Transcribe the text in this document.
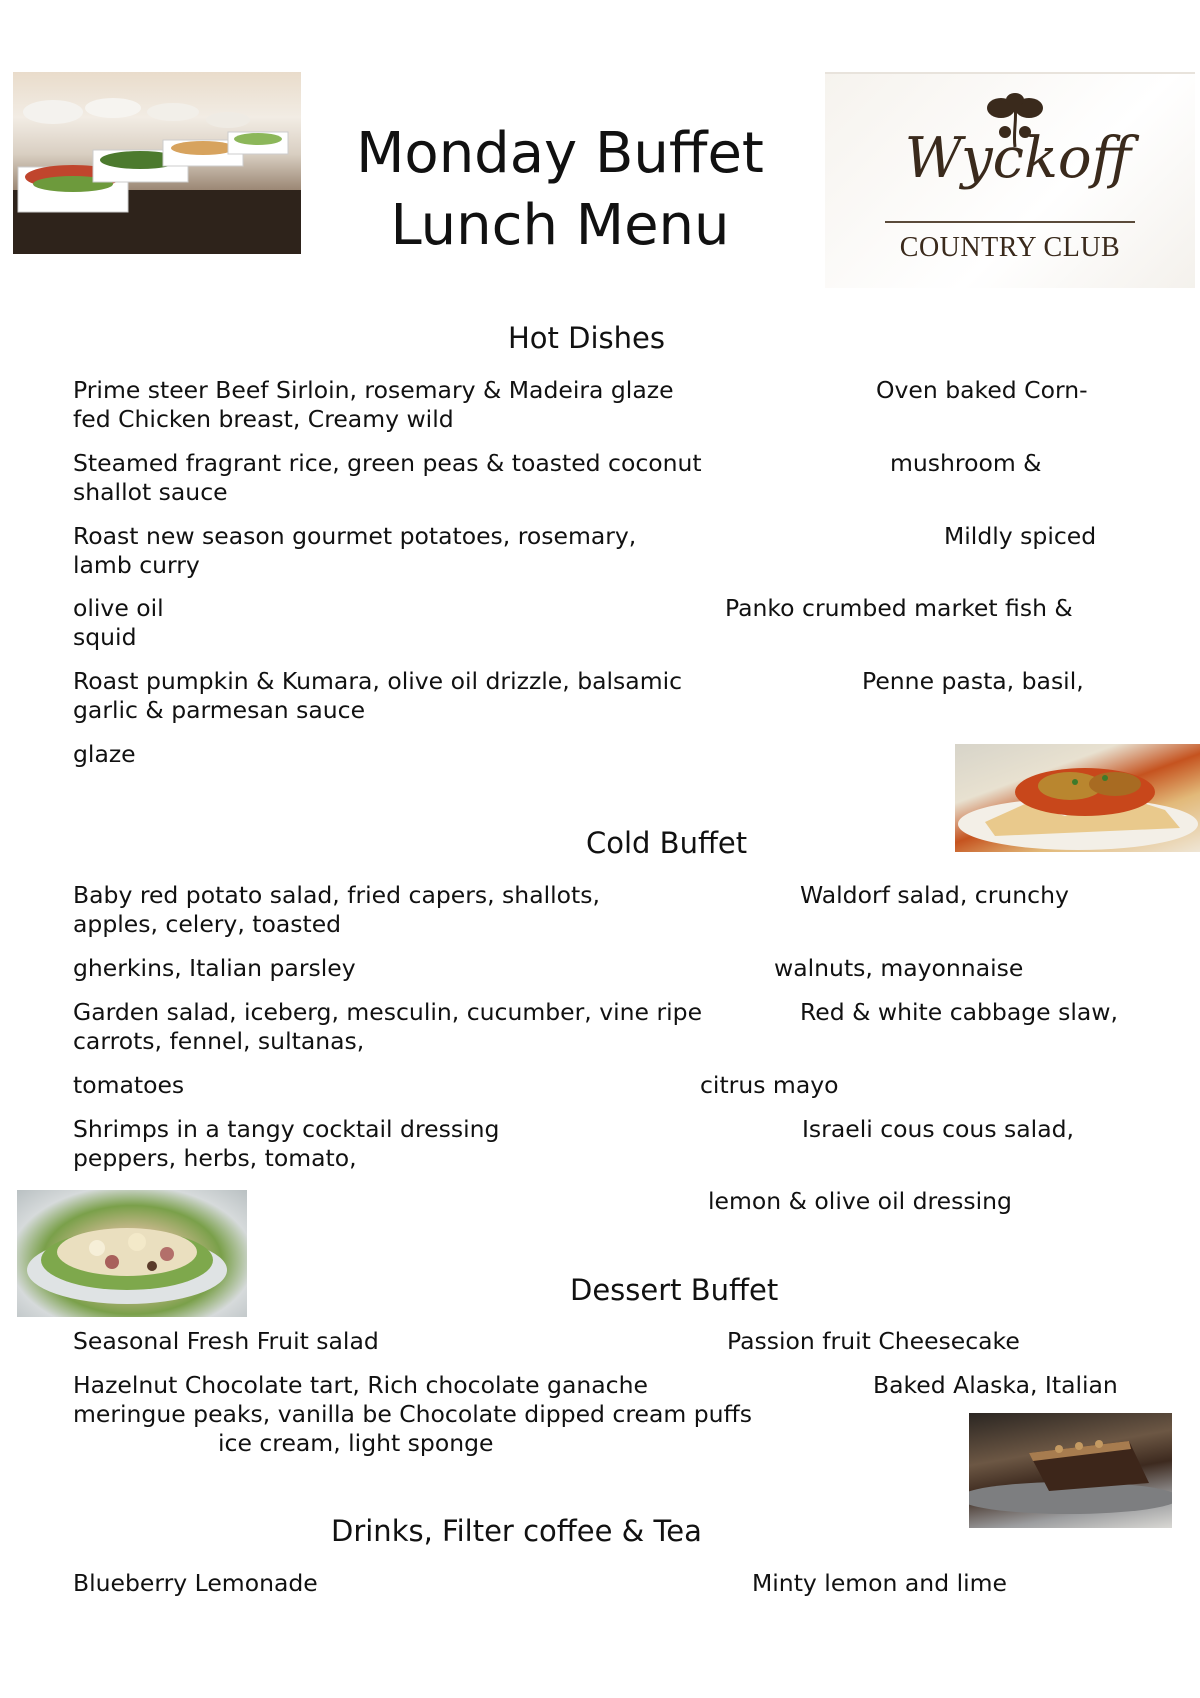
Monday Buffet
Lunch Menu
Wyckoff
COUNTRY CLUB
Hot Dishes
Prime steer Beef Sirloin, rosemary & Madeira glaze	Oven baked Corn-
fed Chicken breast, Creamy wild
Steamed fragrant rice, green peas & toasted coconut	mushroom &
shallot sauce
Roast new season gourmet potatoes, rosemary,	Mildly spiced
lamb curry
olive oil	Panko crumbed market fish &
squid
Roast pumpkin & Kumara, olive oil drizzle, balsamic	Penne pasta, basil,
garlic & parmesan sauce
glaze
Cold Buffet
Baby red potato salad, fried capers, shallots,	Waldorf salad, crunchy
apples, celery, toasted
gherkins, Italian parsley	walnuts, mayonnaise
Garden salad, iceberg, mesculin, cucumber, vine ripe	Red & white cabbage slaw,
carrots, fennel, sultanas,
tomatoes	citrus mayo
Shrimps in a tangy cocktail dressing	Israeli cous cous salad,
peppers, herbs, tomato,
lemon & olive oil dressing
Dessert Buffet
Seasonal Fresh Fruit salad	Passion fruit Cheesecake
Hazelnut Chocolate tart, Rich chocolate ganache	Baked Alaska, Italian
meringue peaks, vanilla be Chocolate dipped cream puffs
ice cream, light sponge
Drinks, Filter coffee & Tea
Blueberry Lemonade	Minty lemon and lime
